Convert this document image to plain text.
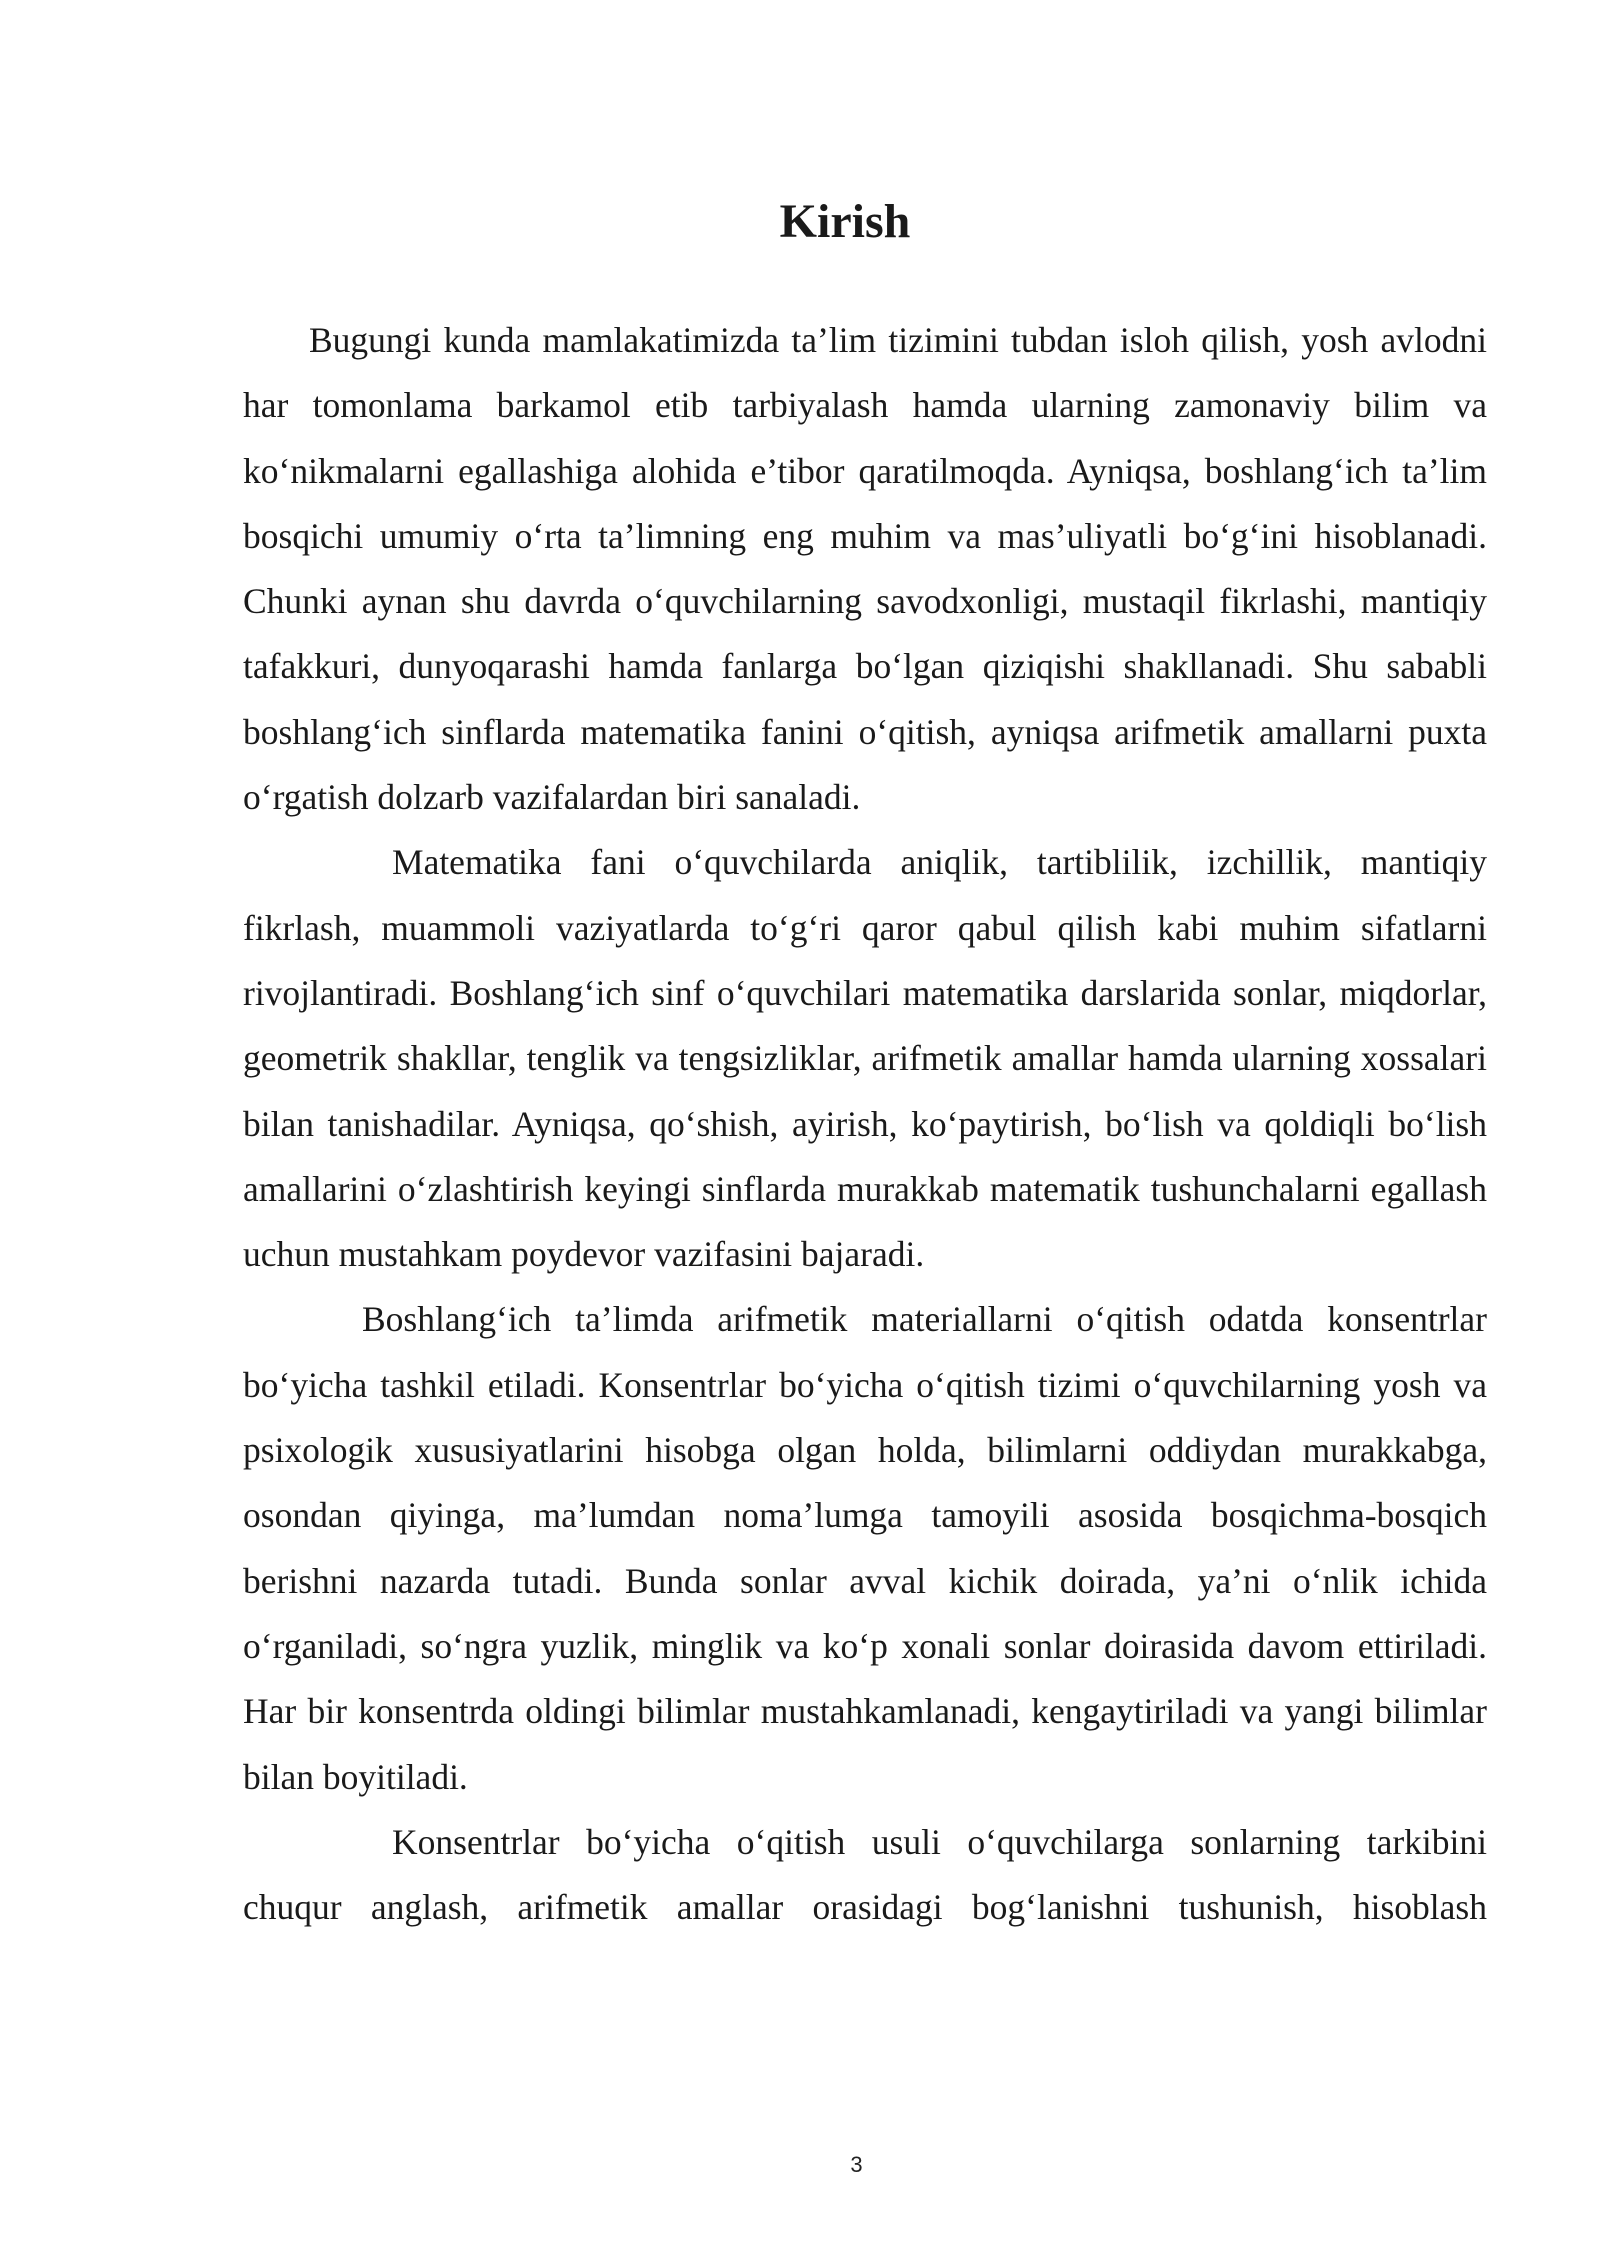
Kirish

Bugungi kunda mamlakatimizda ta’lim tizimini tubdan isloh qilish, yosh avlodni har tomonlama barkamol etib tarbiyalash hamda ularning zamonaviy bilim va ko‘nikmalarni egallashiga alohida e’tibor qaratilmoqda. Ayniqsa, boshlang‘ich ta’lim bosqichi umumiy o‘rta ta’limning eng muhim va mas’uliyatli bo‘g‘ini hisoblanadi. Chunki aynan shu davrda o‘quvchilarning savodxonligi, mustaqil fikrlashi, mantiqiy tafakkuri, dunyoqarashi hamda fanlarga bo‘lgan qiziqishi shakllanadi. Shu sababli boshlang‘ich sinflarda matematika fanini o‘qitish, ayniqsa arifmetik amallarni puxta o‘rgatish dolzarb vazifalardan biri sanaladi.

Matematika fani o‘quvchilarda aniqlik, tartiblilik, izchillik, mantiqiy fikrlash, muammoli vaziyatlarda to‘g‘ri qaror qabul qilish kabi muhim sifatlarni rivojlantiradi. Boshlang‘ich sinf o‘quvchilari matematika darslarida sonlar, miqdorlar, geometrik shakllar, tenglik va tengsizliklar, arifmetik amallar hamda ularning xossalari bilan tanishadilar. Ayniqsa, qo‘shish, ayirish, ko‘paytirish, bo‘lish va qoldiqli bo‘lish amallarini o‘zlashtirish keyingi sinflarda murakkab matematik tushunchalarni egallash uchun mustahkam poydevor vazifasini bajaradi.

Boshlang‘ich ta’limda arifmetik materiallarni o‘qitish odatda konsentrlar bo‘yicha tashkil etiladi. Konsentrlar bo‘yicha o‘qitish tizimi o‘quvchilarning yosh va psixologik xususiyatlarini hisobga olgan holda, bilimlarni oddiydan murakkabga, osondan qiyinga, ma’lumdan noma’lumga tamoyili asosida bosqichma-bosqich berishni nazarda tutadi. Bunda sonlar avval kichik doirada, ya’ni o‘nlik ichida o‘rganiladi, so‘ngra yuzlik, minglik va ko‘p xonali sonlar doirasida davom ettiriladi. Har bir konsentrda oldingi bilimlar mustahkamlanadi, kengaytiriladi va yangi bilimlar bilan boyitiladi.

Konsentrlar bo‘yicha o‘qitish usuli o‘quvchilarga sonlarning tarkibini chuqur anglash, arifmetik amallar orasidagi bog‘lanishni tushunish, hisoblash

3
